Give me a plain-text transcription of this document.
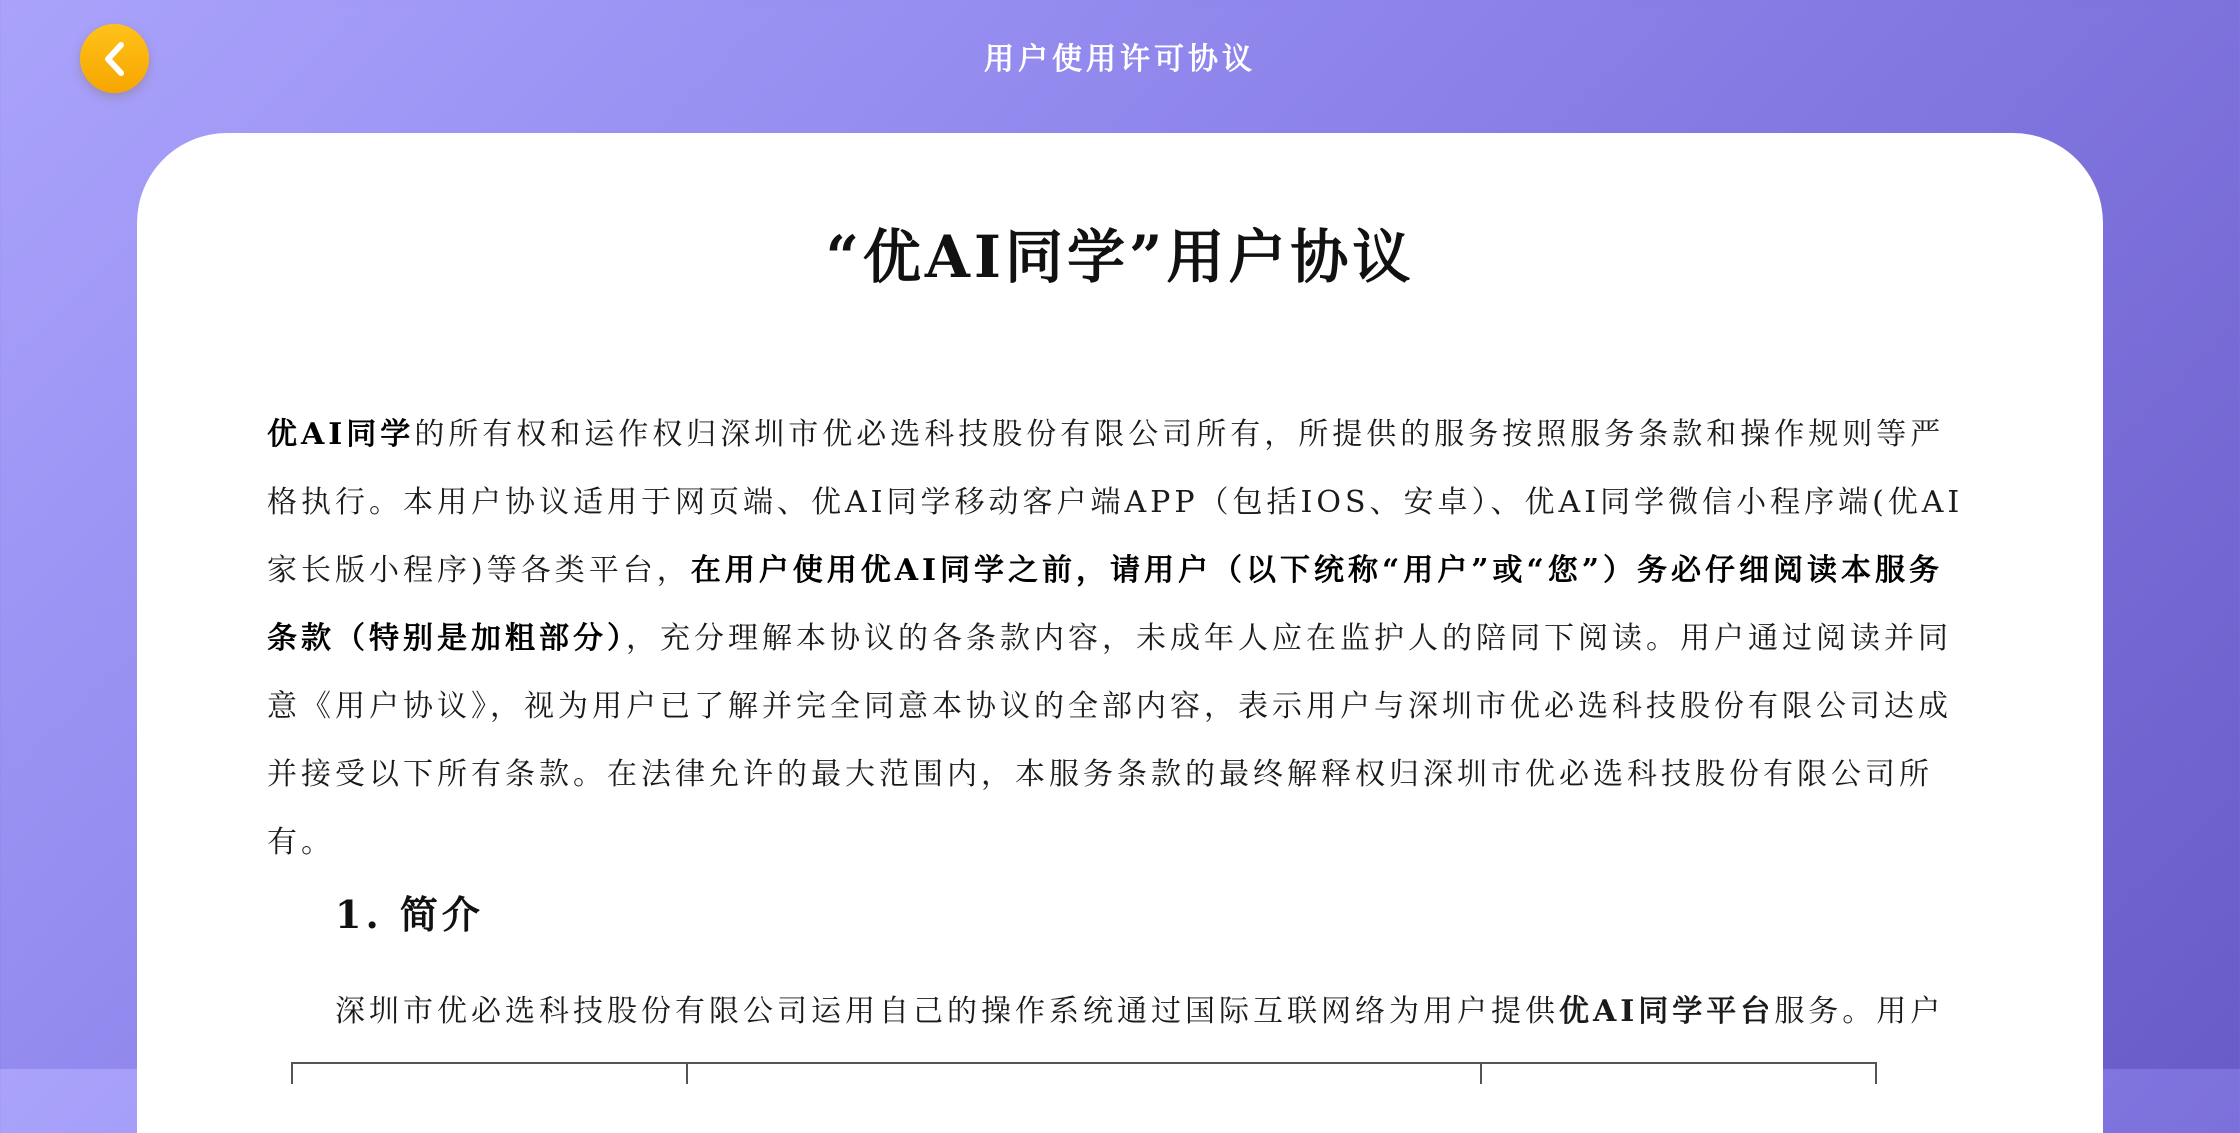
用户使用许可协议
“优AI同学”用户协议
优AI同学的所有权和运作权归深圳市优必选科技股份有限公司所有，所提供的服务按照服务条款和操作规则等严格执行。本用户协议适用于网页端、优AI同学移动客户端APP（包括IOS、安卓）、优AI同学微信小程序端(优AI家长版小程序)等各类平台，在用户使用优AI同学之前，请用户（以下统称“用户”或“您”）务必仔细阅读本服务条款（特别是加粗部分），充分理解本协议的各条款内容，未成年人应在监护人的陪同下阅读。用户通过阅读并同意《用户协议》，视为用户已了解并完全同意本协议的全部内容，表示用户与深圳市优必选科技股份有限公司达成并接受以下所有条款。在法律允许的最大范围内，本服务条款的最终解释权归深圳市优必选科技股份有限公司所有。
1. 简介
深圳市优必选科技股份有限公司运用自己的操作系统通过国际互联网络为用户提供优AI同学平台服务。用户
